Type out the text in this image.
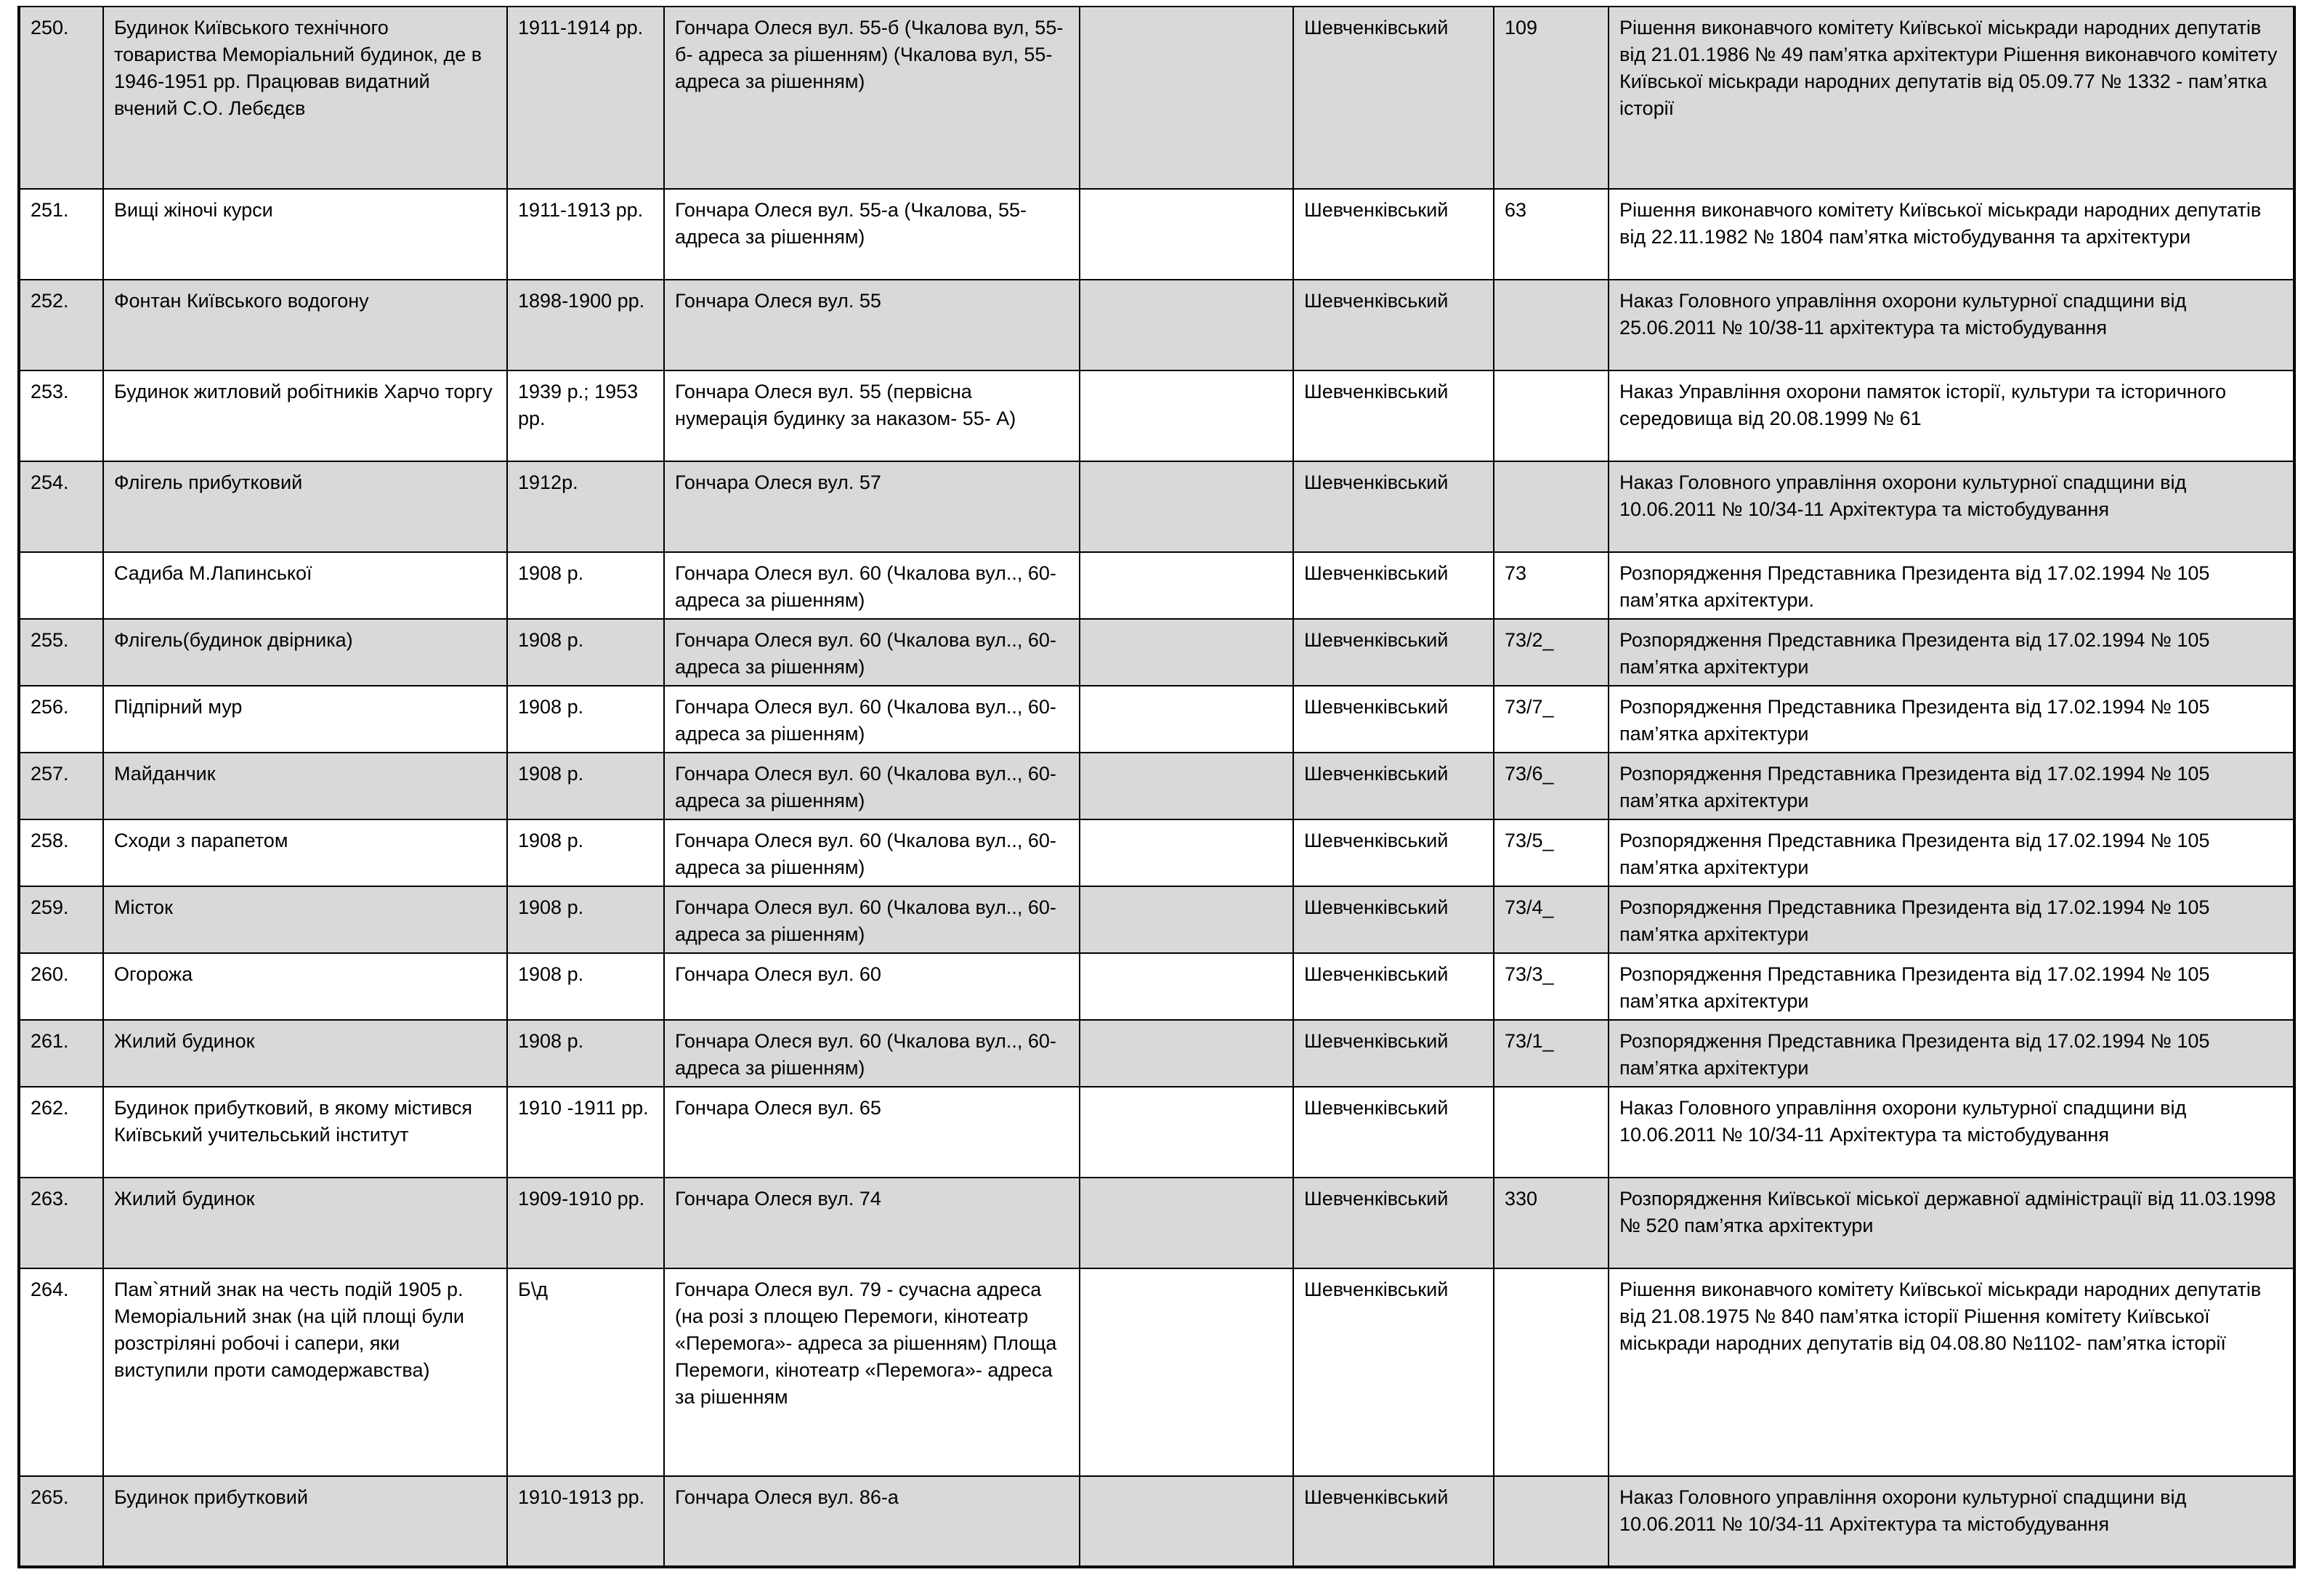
250.	Будинок Київського технічного товариства Меморіальний будинок, де в 1946-1951 рр. Працював видатний вчений С.О. Лебєдєв	1911-1914 рр.	Гончара Олеся вул. 55-б (Чкалова вул, 55-б- адреса за рішенням) (Чкалова вул, 55-адреса за рішенням)		Шевченківський	109	Рішення виконавчого комітету Київської міськради народних депутатів від 21.01.1986 № 49 пам’ятка архітектури Рішення виконавчого комітету Київської міськради народних депутатів від 05.09.77 № 1332 - пам’ятка історії
251.	Вищі жіночі курси	1911-1913 рр.	Гончара Олеся вул. 55-а (Чкалова, 55-адреса за рішенням)		Шевченківський	63	Рішення виконавчого комітету Київської міськради народних депутатів від 22.11.1982 № 1804 пам’ятка містобудування та архітектури
252.	Фонтан Київського водогону	1898-1900 рр.	Гончара Олеся вул. 55		Шевченківський		Наказ Головного управління охорони культурної спадщини від 25.06.2011 № 10/38-11 архітектура та містобудування
253.	Будинок житловий робітників Харчо торгу	1939 р.; 1953 рр.	Гончара Олеся вул. 55 (первісна нумерація будинку за наказом- 55- А)		Шевченківський		Наказ Управління охорони памяток історії, культури та історичного середовища від 20.08.1999 № 61
254.	Флігель прибутковий	1912р.	Гончара Олеся вул. 57		Шевченківський		Наказ Головного управління охорони культурної спадщини від 10.06.2011 № 10/34-11 Архітектура та містобудування
	Садиба М.Лапинської	1908 р.	Гончара Олеся вул. 60 (Чкалова вул.., 60-адреса за рішенням)		Шевченківський	73	Розпорядження Представника Президента від 17.02.1994 № 105 пам’ятка архітектури.
255.	Флігель(будинок двірника)	1908 р.	Гончара Олеся вул. 60 (Чкалова вул.., 60-адреса за рішенням)		Шевченківський	73/2_	Розпорядження Представника Президента від 17.02.1994 № 105 пам’ятка архітектури
256.	Підпірний мур	1908 р.	Гончара Олеся вул. 60 (Чкалова вул.., 60-адреса за рішенням)		Шевченківський	73/7_	Розпорядження Представника Президента від 17.02.1994 № 105 пам’ятка архітектури
257.	Майданчик	1908 р.	Гончара Олеся вул. 60 (Чкалова вул.., 60-адреса за рішенням)		Шевченківський	73/6_	Розпорядження Представника Президента від 17.02.1994 № 105 пам’ятка архітектури
258.	Сходи з парапетом	1908 р.	Гончара Олеся вул. 60 (Чкалова вул.., 60-адреса за рішенням)		Шевченківський	73/5_	Розпорядження Представника Президента від 17.02.1994 № 105 пам’ятка архітектури
259.	Місток	1908 р.	Гончара Олеся вул. 60 (Чкалова вул.., 60-адреса за рішенням)		Шевченківський	73/4_	Розпорядження Представника Президента від 17.02.1994 № 105 пам’ятка архітектури
260.	Огорожа	1908 р.	Гончара Олеся вул. 60		Шевченківський	73/3_	Розпорядження Представника Президента від 17.02.1994 № 105 пам’ятка архітектури
261.	Жилий будинок	1908 р.	Гончара Олеся вул. 60 (Чкалова вул.., 60-адреса за рішенням)		Шевченківський	73/1_	Розпорядження Представника Президента від 17.02.1994 № 105 пам’ятка архітектури
262.	Будинок прибутковий, в якому містився Київський учительський інститут	1910 -1911 рр.	Гончара Олеся вул. 65		Шевченківський		Наказ Головного управління охорони культурної спадщини від 10.06.2011 № 10/34-11 Архітектура та містобудування
263.	Жилий будинок	1909-1910 рр.	Гончара Олеся вул. 74		Шевченківський	330	Розпорядження Київської міської державної адміністрації від 11.03.1998 № 520 пам’ятка архітектури
264.	Пам`ятний знак на честь подій 1905 р. Меморіальний знак (на цій площі були розстріляні робочі і сапери, яки виступили проти самодержавства)	Б\д	Гончара Олеся вул. 79 - сучасна адреса (на розі з площею Перемоги, кінотеатр «Перемога»- адреса за рішенням) Площа Перемоги, кінотеатр «Перемога»- адреса за рішенням		Шевченківський		Рішення виконавчого комітету Київської міськради народних депутатів від 21.08.1975 № 840 пам’ятка історії Рішення комітету Київської міськради народних депутатів від 04.08.80 №1102- пам’ятка історії
265.	Будинок прибутковий	1910-1913 рр.	Гончара Олеся вул. 86-а		Шевченківський		Наказ Головного управління охорони культурної спадщини від 10.06.2011 № 10/34-11 Архітектура та містобудування
